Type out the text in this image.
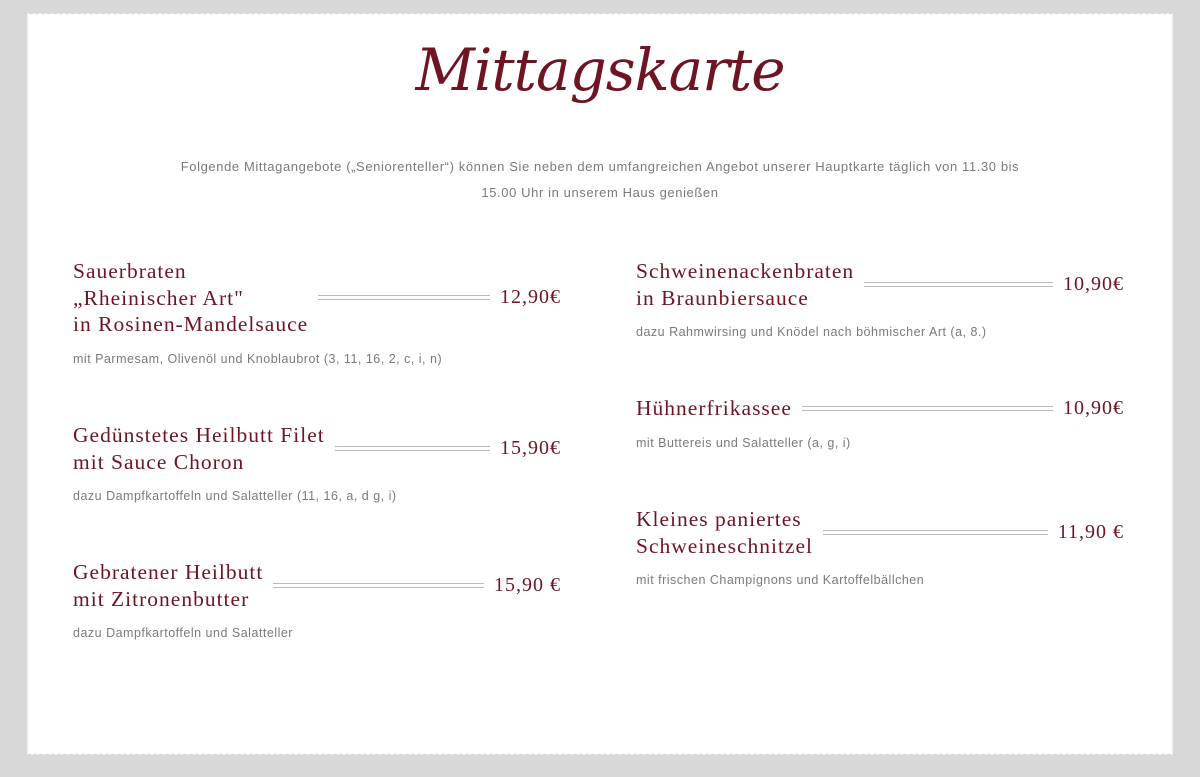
Mittagskarte

Folgende Mittagangebote („Seniorenteller“) können Sie neben dem umfangreichen Angebot unserer Hauptkarte täglich von 11.30 bis
15.00 Uhr in unserem Haus genießen

Sauerbraten
„Rheinischer Art"
in Rosinen-Mandelsauce
12,90€
mit Parmesam, Olivenöl und Knoblaubrot (3, 11, 16, 2, c, i, n)
Gedünstetes Heilbutt Filet
mit Sauce Choron
15,90€
dazu Dampfkartoffeln und Salatteller (11, 16, a, d g, i)
Gebratener Heilbutt
mit Zitronenbutter
15,90 €
dazu Dampfkartoffeln und Salatteller
Schweinenackenbraten
in Braunbiersauce
10,90€
dazu Rahmwirsing und Knödel nach böhmischer Art (a, 8.)
Hühnerfrikassee	10,90€
mit Buttereis und Salatteller (a, g, i)
Kleines paniertes
Schweineschnitzel
11,90 €
mit frischen Champignons und Kartoffelbällchen
